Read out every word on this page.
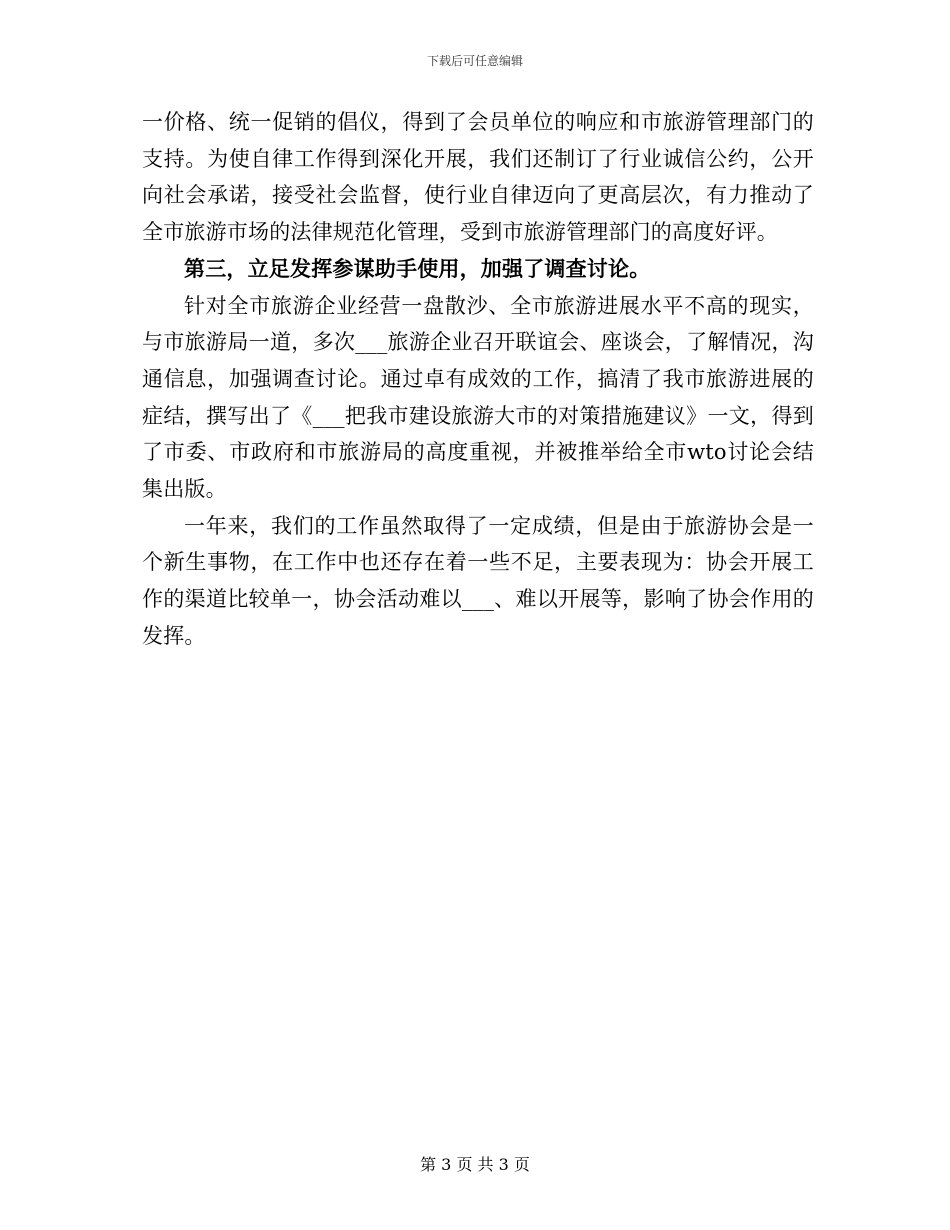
下载后可任意编辑

一价格、统一促销的倡仪，得到了会员单位的响应和市旅游管理部门的支持。为使自律工作得到深化开展，我们还制订了行业诚信公约，公开向社会承诺，接受社会监督，使行业自律迈向了更高层次，有力推动了全市旅游市场的法律规范化管理，受到市旅游管理部门的高度好评。

第三，立足发挥参谋助手使用，加强了调查讨论。

针对全市旅游企业经营一盘散沙、全市旅游进展水平不高的现实，与市旅游局一道，多次___旅游企业召开联谊会、座谈会，了解情况，沟通信息，加强调查讨论。通过卓有成效的工作，搞清了我市旅游进展的症结，撰写出了《___把我市建设旅游大市的对策措施建议》一文，得到了市委、市政府和市旅游局的高度重视，并被推举给全市wto讨论会结集出版。

一年来，我们的工作虽然取得了一定成绩，但是由于旅游协会是一个新生事物，在工作中也还存在着一些不足，主要表现为：协会开展工作的渠道比较单一，协会活动难以___、难以开展等，影响了协会作用的发挥。

第 3 页 共 3 页
